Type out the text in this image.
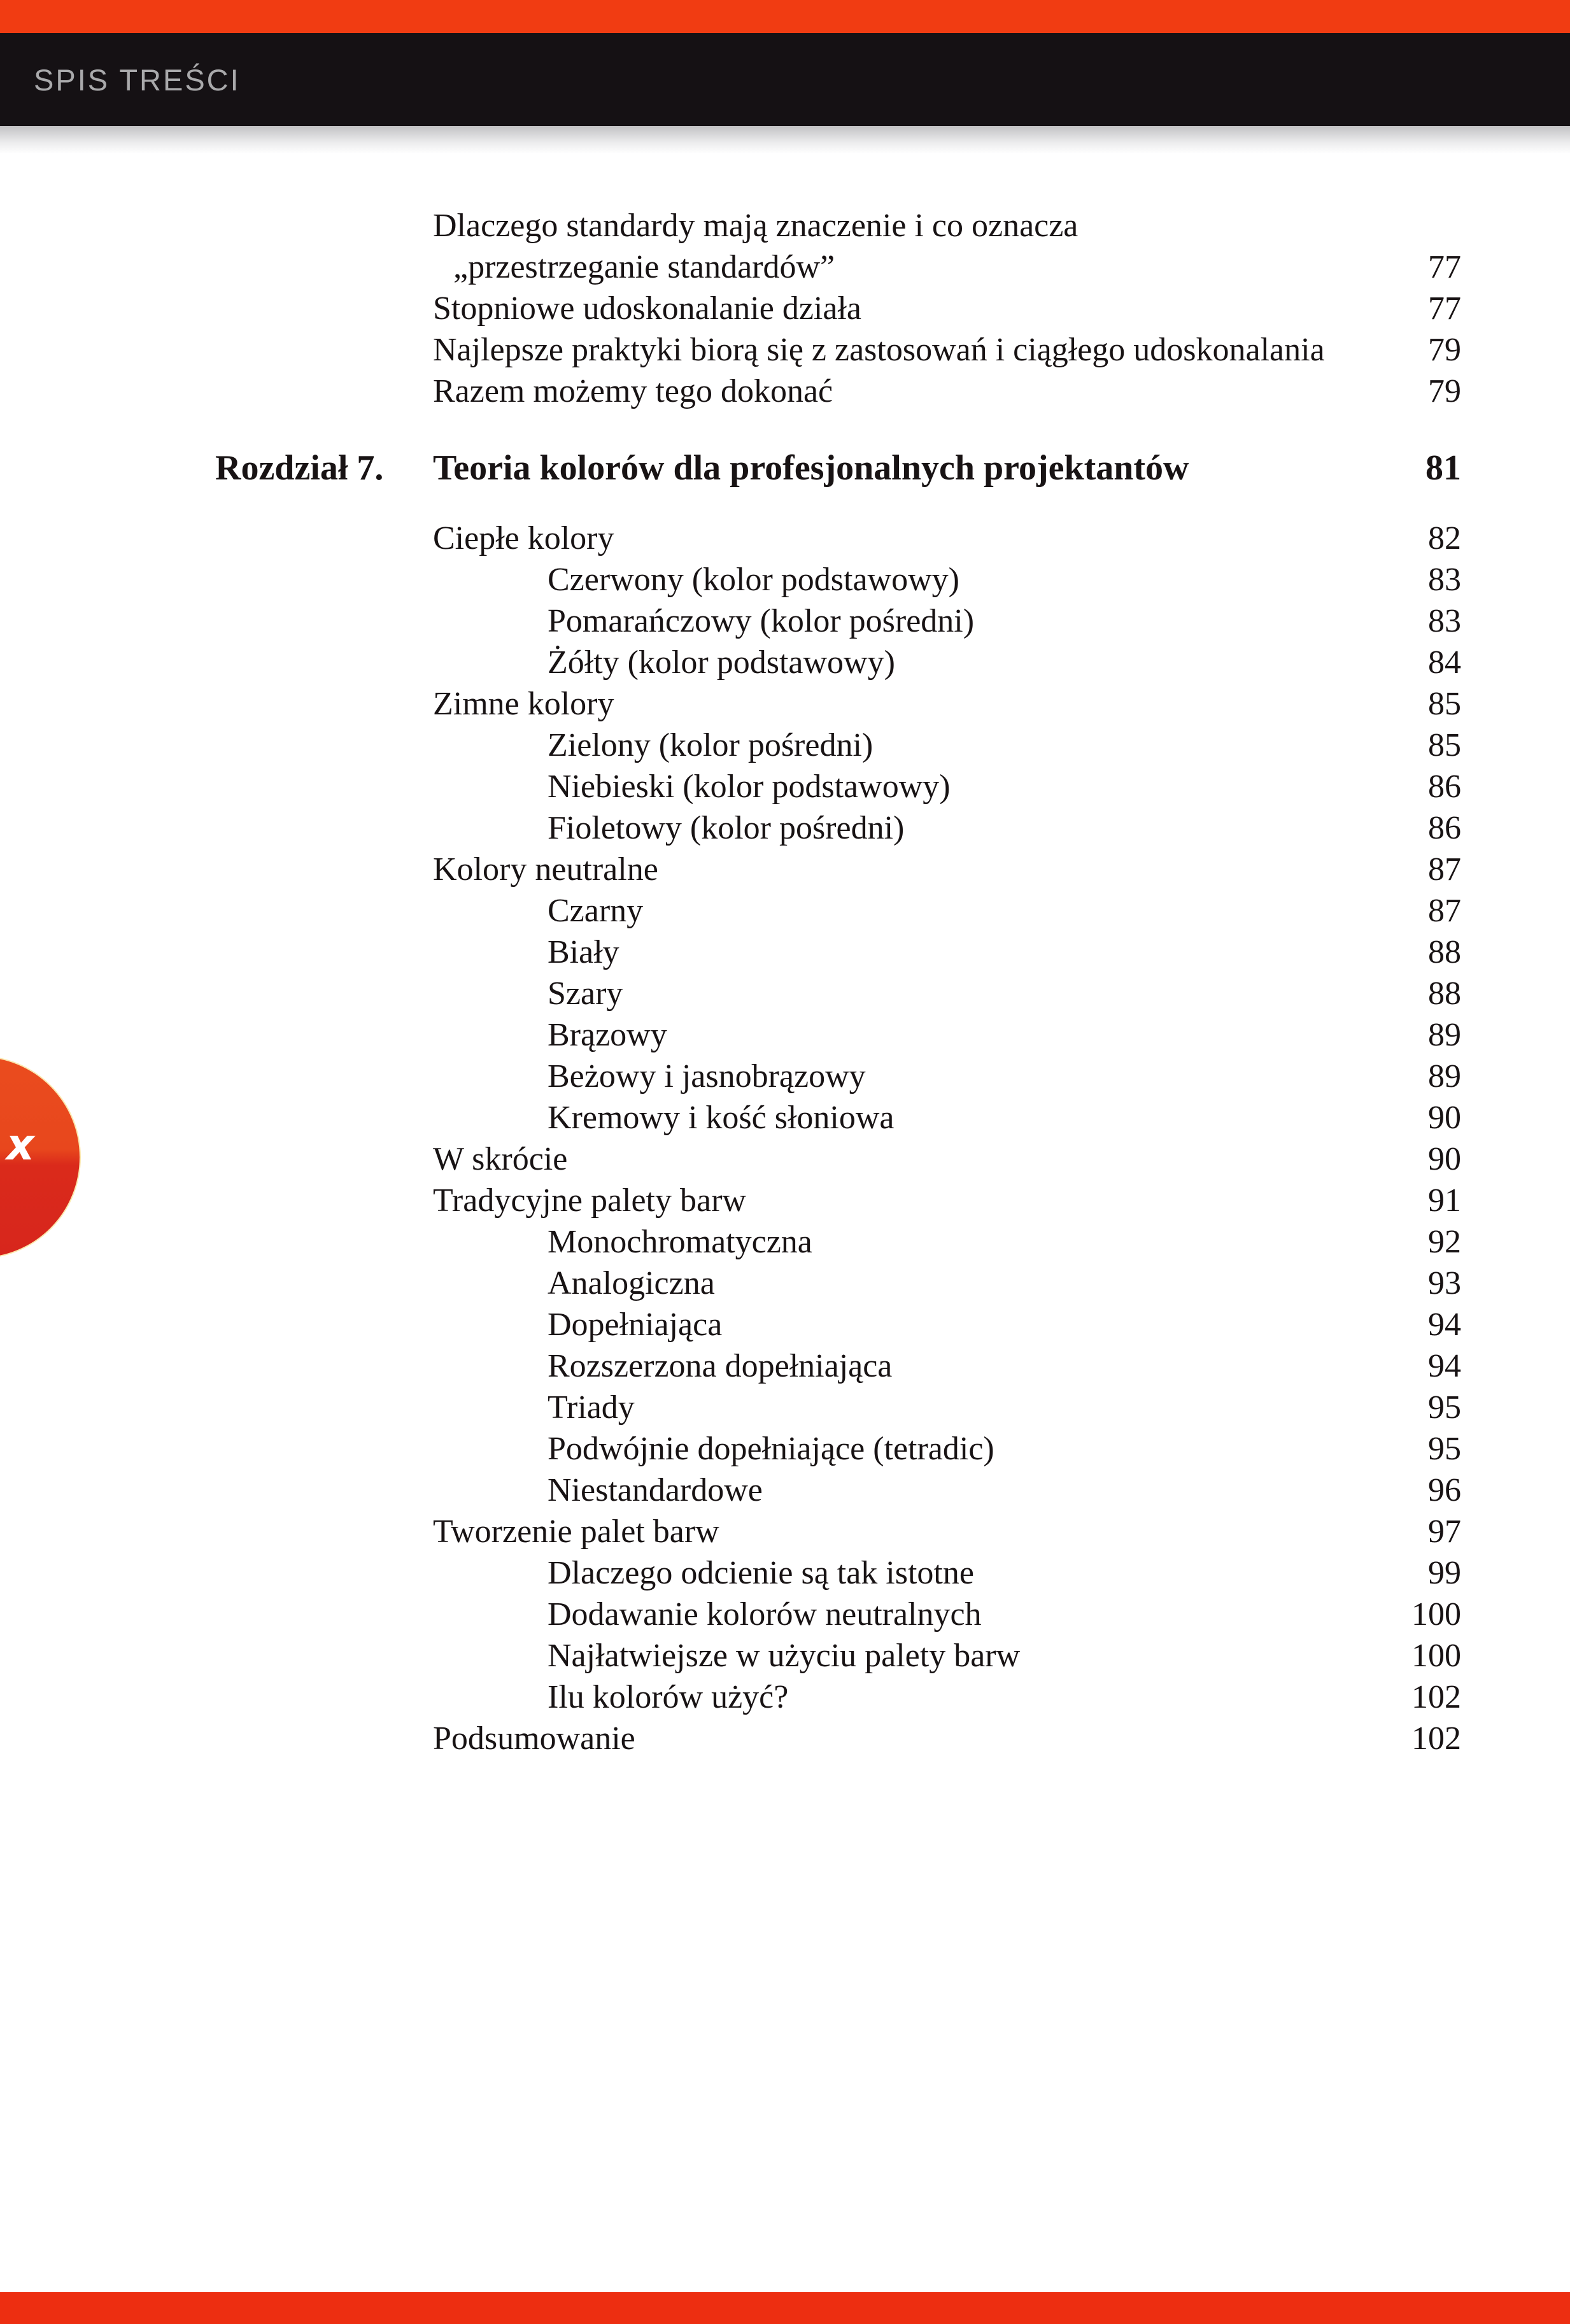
SPIS TREŚCI
x
Dlaczego standardy mają znaczenie i co oznacza
„przestrzeganie standardów”	77
Stopniowe udoskonalanie działa	77
Najlepsze praktyki biorą się z zastosowań i ciągłego udoskonalania	79
Razem możemy tego dokonać	79
Rozdział 7. Teoria kolorów dla profesjonalnych projektantów	81
Ciepłe kolory	82
Czerwony (kolor podstawowy)	83
Pomarańczowy (kolor pośredni)	83
Żółty (kolor podstawowy)	84
Zimne kolory	85
Zielony (kolor pośredni)	85
Niebieski (kolor podstawowy)	86
Fioletowy (kolor pośredni)	86
Kolory neutralne	87
Czarny	87
Biały	88
Szary	88
Brązowy	89
Beżowy i jasnobrązowy	89
Kremowy i kość słoniowa	90
W skrócie	90
Tradycyjne palety barw	91
Monochromatyczna	92
Analogiczna	93
Dopełniająca	94
Rozszerzona dopełniająca	94
Triady	95
Podwójnie dopełniające (tetradic)	95
Niestandardowe	96
Tworzenie palet barw	97
Dlaczego odcienie są tak istotne	99
Dodawanie kolorów neutralnych	100
Najłatwiejsze w użyciu palety barw	100
Ilu kolorów użyć?	102
Podsumowanie	102
